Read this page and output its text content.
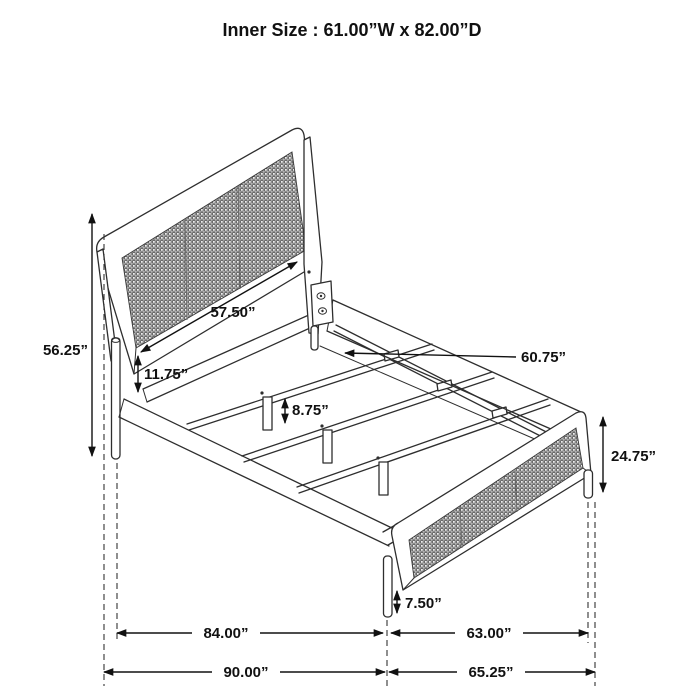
Inner Size : 61.00”W x 82.00”D
56.25”
57.50”
11.75”
8.75”
60.75”
24.75”
7.50”
84.00”	63.00”
90.00”	65.25”
